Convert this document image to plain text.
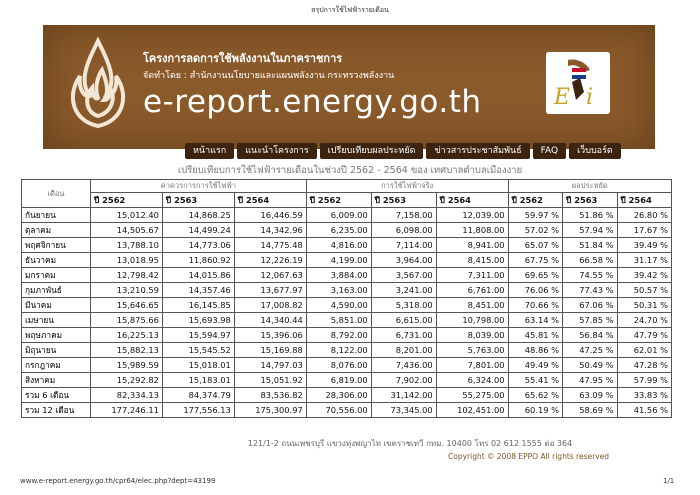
สรุปการใช้ไฟฟ้ารายเดือน
โครงการลดการใช้พลังงานในภาคราชการ
จัดทำโดย : สำนักงานนโยบายและแผนพลังงาน กระทรวงพลังงาน
e-report.energy.go.th	E i
หน้าแรก	แนะนำโครงการ	เปรียบเทียบผลประหยัด	ข่าวสารประชาสัมพันธ์	FAQ	เว็บบอร์ด
เปรียบเทียบการใช้ไฟฟ้ารายเดือนในช่วงปี 2562 - 2564 ของ เทศบาลตำบลเมืองงาย
เดือน	ค่าควรการการใช้ไฟฟ้า			การใช้ไฟฟ้าจริง			ผลประหยัด		
	ปี 2562	ปี 2563	ปี 2564	ปี 2562	ปี 2563	ปี 2564	ปี 2562	ปี 2563	ปี 2564
กันยายน	15,012.40	14,868.25	16,446.59	6,009.00	7,158.00	12,039.00	59.97 %	51.86 %	26.80 %
ตุลาคม	14,505.67	14,499.24	14,342.96	6,235.00	6,098.00	11,808.00	57.02 %	57.94 %	17.67 %
พฤศจิกายน	13,788.10	14,773.06	14,775.48	4,816.00	7,114.00	8,941.00	65.07 %	51.84 %	39.49 %
ธันวาคม	13,018.95	11,860.92	12,226.19	4,199.00	3,964.00	8,415.00	67.75 %	66.58 %	31.17 %
มกราคม	12,798.42	14,015.86	12,067.63	3,884.00	3,567.00	7,311.00	69.65 %	74.55 %	39.42 %
กุมภาพันธ์	13,210.59	14,357.46	13,677.97	3,163.00	3,241.00	6,761.00	76.06 %	77.43 %	50.57 %
มีนาคม	15,646.65	16,145.85	17,008.82	4,590.00	5,318.00	8,451.00	70.66 %	67.06 %	50.31 %
เมษายน	15,875.66	15,693.98	14,340.44	5,851.00	6,615.00	10,798.00	63.14 %	57.85 %	24.70 %
พฤษภาคม	16,225.13	15,594.97	15,396.06	8,792.00	6,731.00	8,039.00	45.81 %	56.84 %	47.79 %
มิถุนายน	15,882.13	15,545.52	15,169.88	8,122.00	8,201.00	5,763.00	48.86 %	47.25 %	62.01 %
กรกฎาคม	15,989.59	15,018.01	14,797.03	8,076.00	7,436.00	7,801.00	49.49 %	50.49 %	47.28 %
สิงหาคม	15,292.82	15,183.01	15,051.92	6,819.00	7,902.00	6,324.00	55.41 %	47.95 %	57.99 %
รวม 6 เดือน	82,334.13	84,374.79	83,536.82	28,306.00	31,142.00	55,275.00	65.62 %	63.09 %	33.83 %
รวม 12 เดือน	177,246.11	177,556.13	175,300.97	70,556.00	73,345.00	102,451.00	60.19 %	58.69 %	41.56 %
121/1-2 ถนนเพชรบุรี แขวงทุ่งพญาไท เขตราชเทวี กทม. 10400 โทร 02 612 1555 ต่อ 364
Copyright © 2008 EPPO All rights reserved
www.e-report.energy.go.th/cpr64/elec.php?dept=43199	1/1
